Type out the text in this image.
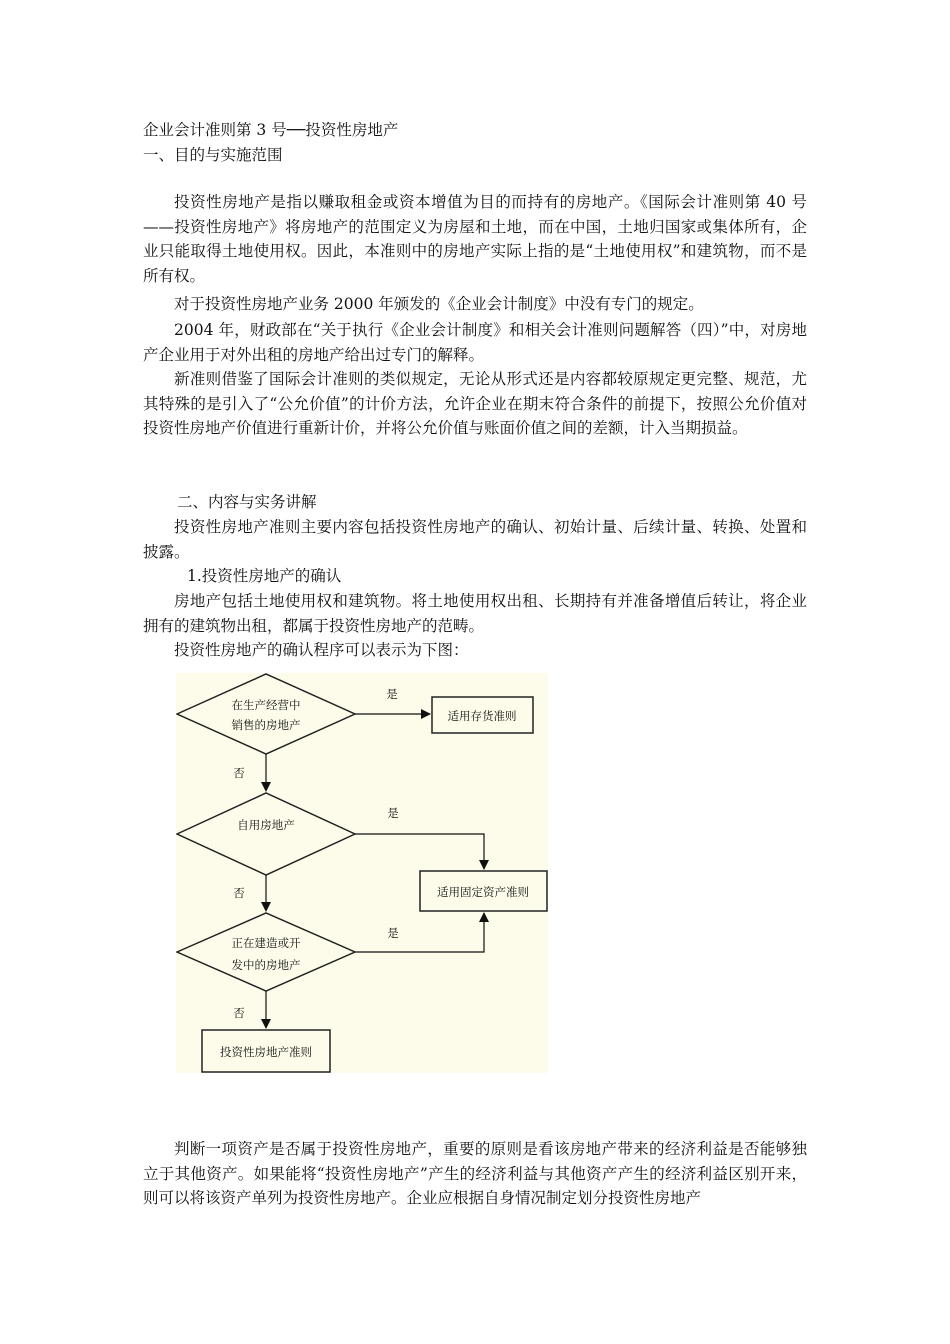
企业会计准则第 3 号──投资性房地产
一、目的与实施范围
投资性房地产是指以赚取租金或资本增值为目的而持有的房地产。《国际会计准则第 40 号——投资性房地产》将房地产的范围定义为房屋和土地，而在中国，土地归国家或集体所有，企业只能取得土地使用权。因此，本准则中的房地产实际上指的是“土地使用权”和建筑物，而不是所有权。
对于投资性房地产业务 2000 年颁发的《企业会计制度》中没有专门的规定。
2004 年，财政部在“关于执行《企业会计制度》和相关会计准则问题解答（四）”中，对房地产企业用于对外出租的房地产给出过专门的解释。
新准则借鉴了国际会计准则的类似规定，无论从形式还是内容都较原规定更完整、规范，尤其特殊的是引入了“公允价值”的计价方法，允许企业在期末符合条件的前提下，按照公允价值对投资性房地产价值进行重新计价，并将公允价值与账面价值之间的差额，计入当期损益。
二、内容与实务讲解
投资性房地产准则主要内容包括投资性房地产的确认、初始计量、后续计量、转换、处置和披露。
1.投资性房地产的确认
房地产包括土地使用权和建筑物。将土地使用权出租、长期持有并准备增值后转让，将企业拥有的建筑物出租，都属于投资性房地产的范畴。
投资性房地产的确认程序可以表示为下图：
在生产经营中
销售的房地产
是
适用存货准则
否
自用房地产
是
适用固定资产准则
否
正在建造或开
发中的房地产
是
否
投资性房地产准则
判断一项资产是否属于投资性房地产，重要的原则是看该房地产带来的经济利益是否能够独立于其他资产。如果能将“投资性房地产”产生的经济利益与其他资产产生的经济利益区别开来，则可以将该资产单列为投资性房地产。企业应根据自身情况制定划分投资性房地产
